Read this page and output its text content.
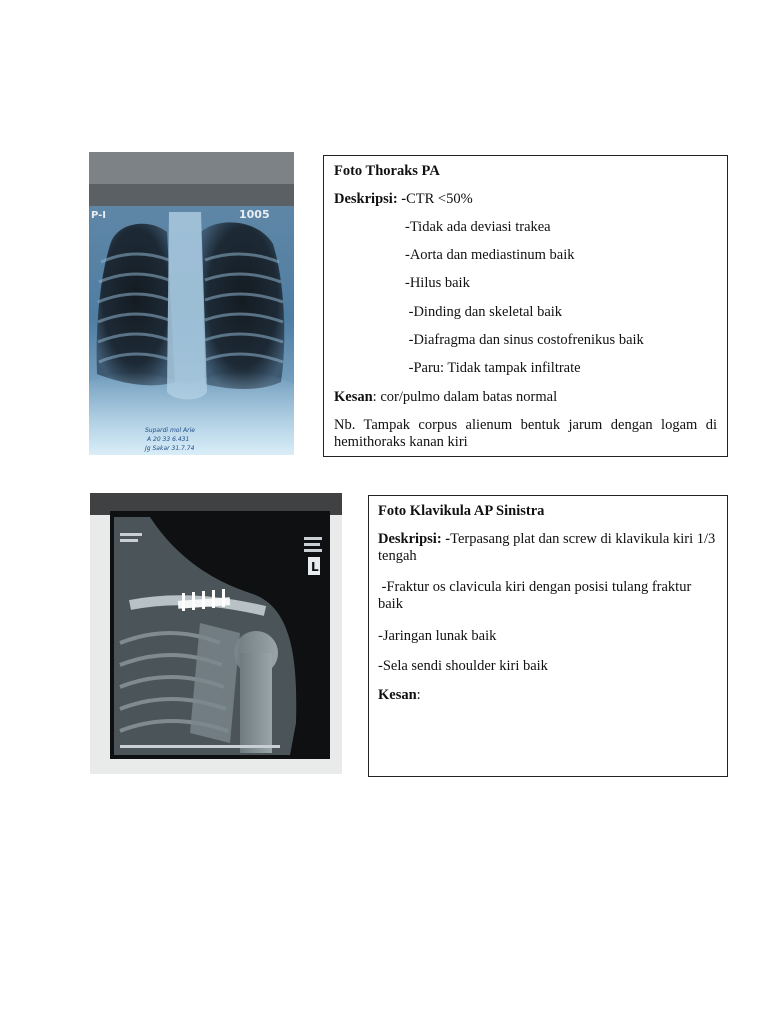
1005
P-I
Supardi mol Arie
A 20 33 6.431
Jg Sakar 31.7.74
Foto Thoraks PA
Deskripsi: -CTR <50%
-Tidak ada deviasi trakea
-Aorta dan mediastinum baik
-Hilus baik
-Dinding dan skeletal baik
-Diafragma dan sinus costofrenikus baik
-Paru: Tidak tampak infiltrate
Kesan: cor/pulmo dalam batas normal
Nb. Tampak corpus alienum bentuk jarum dengan logam di hemithoraks kanan kiri
L
Foto Klavikula AP Sinistra
Deskripsi: -Terpasang plat dan screw di klavikula kiri 1/3 tengah
-Fraktur os clavicula kiri dengan posisi tulang fraktur baik
-Jaringan lunak baik
-Sela sendi shoulder kiri baik
Kesan:
